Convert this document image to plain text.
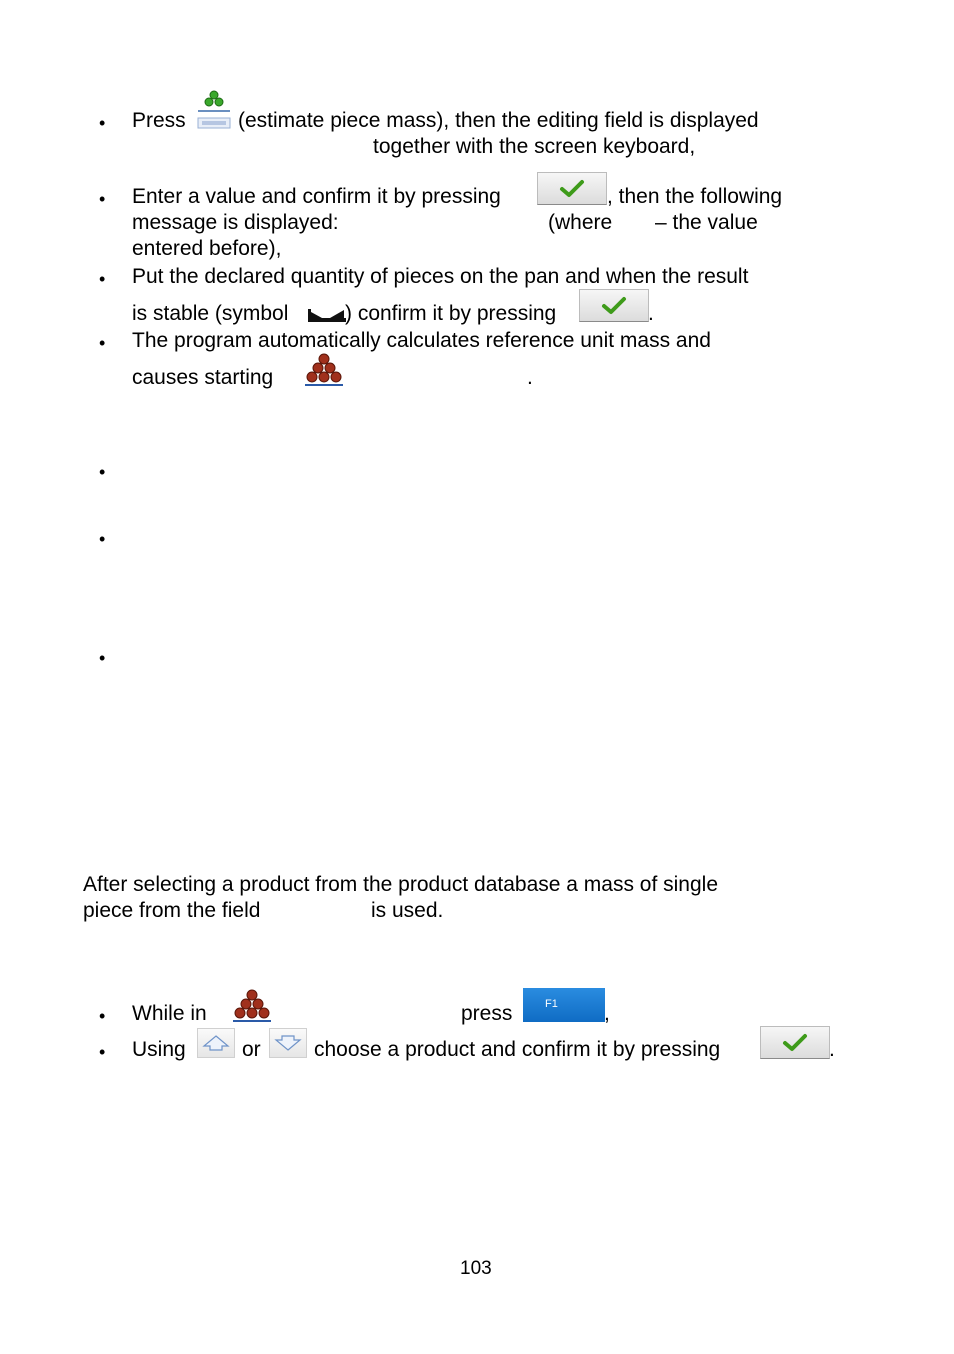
• Press (estimate piece mass), then the editing field is displayed
together with the screen keyboard,
• Enter a value and confirm it by pressing	, then the following
message is displayed:	(where – the value
entered before),
• Put the declared quantity of pieces on the pan and when the result
is stable (symbol	) confirm it by pressing	.
• The program automatically calculates reference unit mass and
causes starting	.
•
•
•
After selecting a product from the product database a mass of single
piece from the field	is used.
• While in	press	F1	,
• Using	or	choose a product and confirm it by pressing	.
103
